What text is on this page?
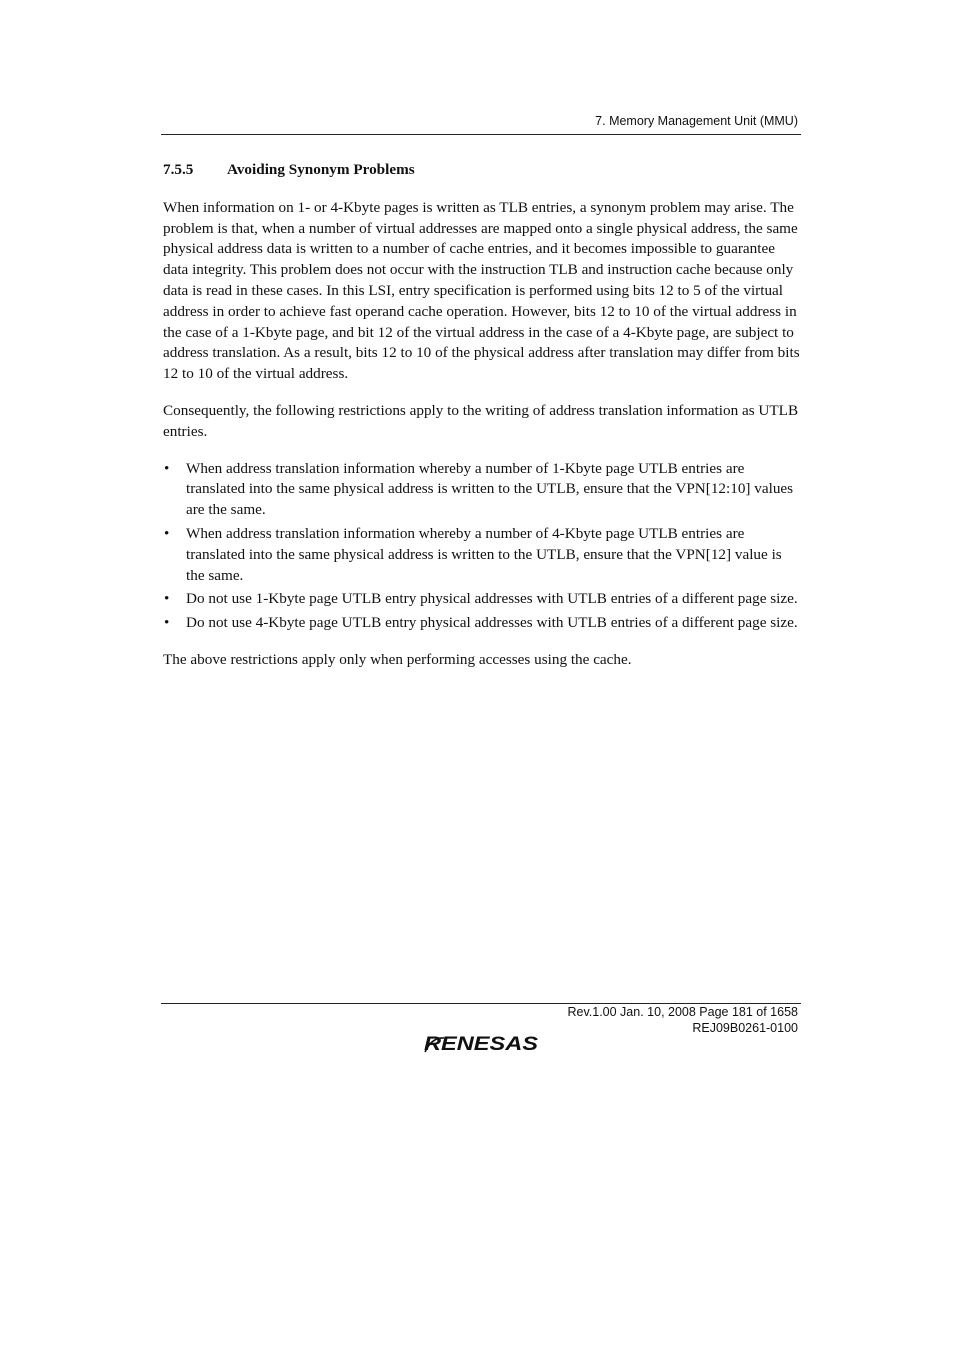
7. Memory Management Unit (MMU)
7.5.5 Avoiding Synonym Problems

When information on 1- or 4-Kbyte pages is written as TLB entries, a synonym problem may arise. The problem is that, when a number of virtual addresses are mapped onto a single physical address, the same physical address data is written to a number of cache entries, and it becomes impossible to guarantee data integrity. This problem does not occur with the instruction TLB and instruction cache because only data is read in these cases. In this LSI, entry specification is performed using bits 12 to 5 of the virtual address in order to achieve fast operand cache operation. However, bits 12 to 10 of the virtual address in the case of a 1-Kbyte page, and bit 12 of the virtual address in the case of a 4-Kbyte page, are subject to address translation. As a result, bits 12 to 10 of the physical address after translation may differ from bits 12 to 10 of the virtual address.

Consequently, the following restrictions apply to the writing of address translation information as UTLB entries.

• When address translation information whereby a number of 1-Kbyte page UTLB entries are translated into the same physical address is written to the UTLB, ensure that the VPN[12:10] values are the same.
• When address translation information whereby a number of 4-Kbyte page UTLB entries are translated into the same physical address is written to the UTLB, ensure that the VPN[12] value is the same.
• Do not use 1-Kbyte page UTLB entry physical addresses with UTLB entries of a different page size.
• Do not use 4-Kbyte page UTLB entry physical addresses with UTLB entries of a different page size.

The above restrictions apply only when performing accesses using the cache.

Rev.1.00 Jan. 10, 2008 Page 181 of 1658
REJ09B0261-0100
RENESAS
